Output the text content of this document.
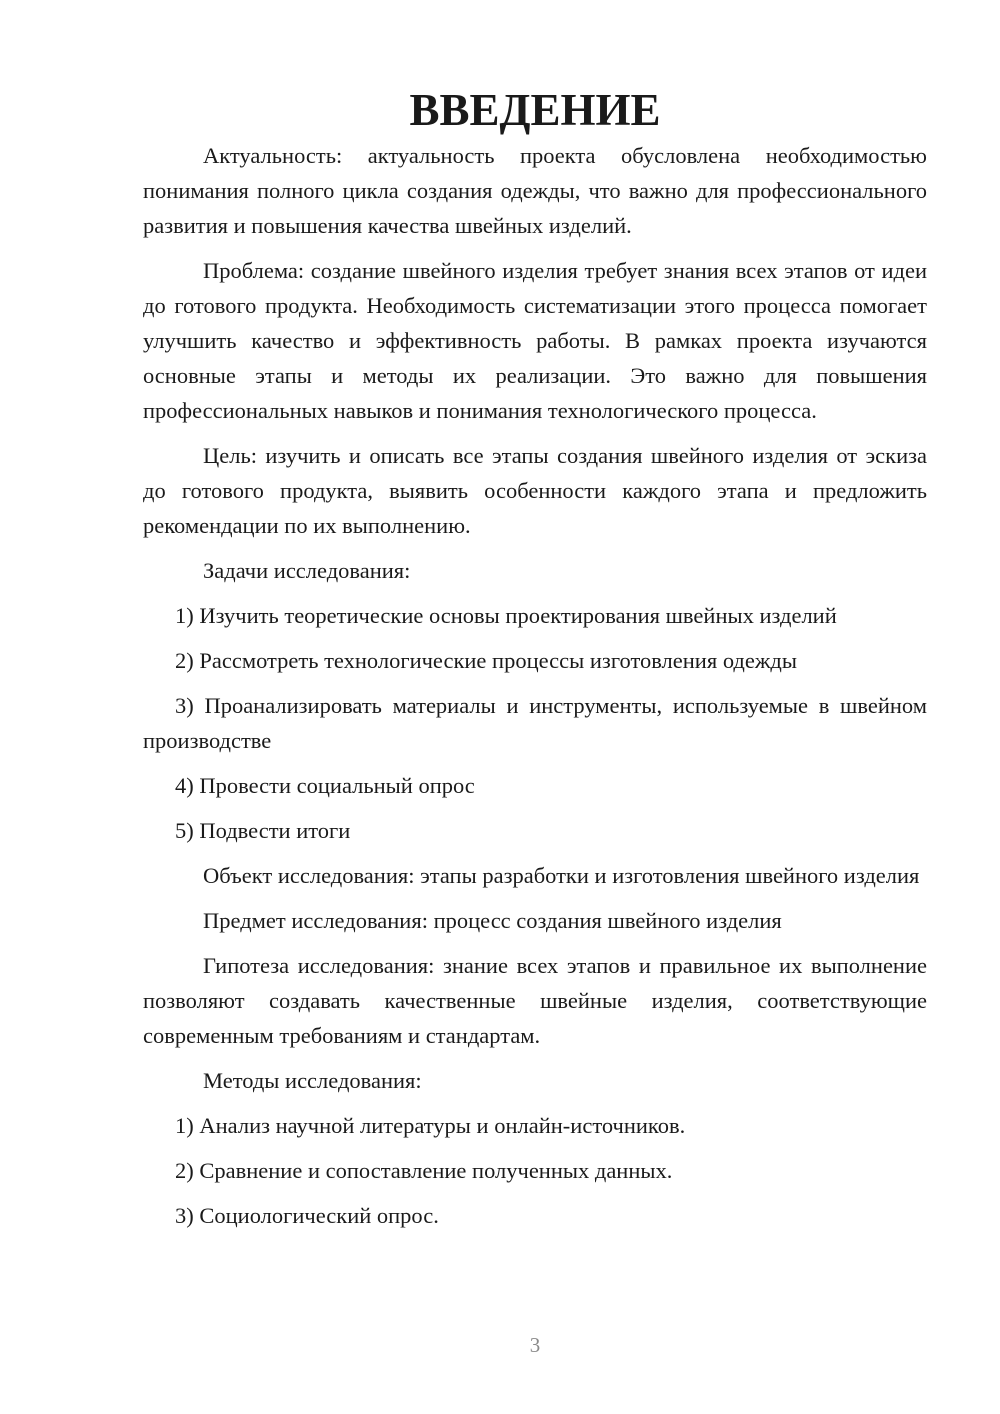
ВВЕДЕНИЕ

Актуальность: актуальность проекта обусловлена необходимостью понимания полного цикла создания одежды, что важно для профессионального развития и повышения качества швейных изделий.

Проблема: создание швейного изделия требует знания всех этапов от идеи до готового продукта. Необходимость систематизации этого процесса помогает улучшить качество и эффективность работы. В рамках проекта изучаются основные этапы и методы их реализации. Это важно для повышения профессиональных навыков и понимания технологического процесса.

Цель: изучить и описать все этапы создания швейного изделия от эскиза до готового продукта, выявить особенности каждого этапа и предложить рекомендации по их выполнению.

Задачи исследования:

1) Изучить теоретические основы проектирования швейных изделий

2) Рассмотреть технологические процессы изготовления одежды

3) Проанализировать материалы и инструменты, используемые в швейном производстве

4) Провести социальный опрос

5) Подвести итоги

Объект исследования: этапы разработки и изготовления швейного изделия

Предмет исследования: процесс создания швейного изделия

Гипотеза исследования: знание всех этапов и правильное их выполнение позволяют создавать качественные швейные изделия, соответствующие современным требованиям и стандартам.

Методы исследования:

1) Анализ научной литературы и онлайн-источников.

2) Сравнение и сопоставление полученных данных.

3) Социологический опрос.

3
